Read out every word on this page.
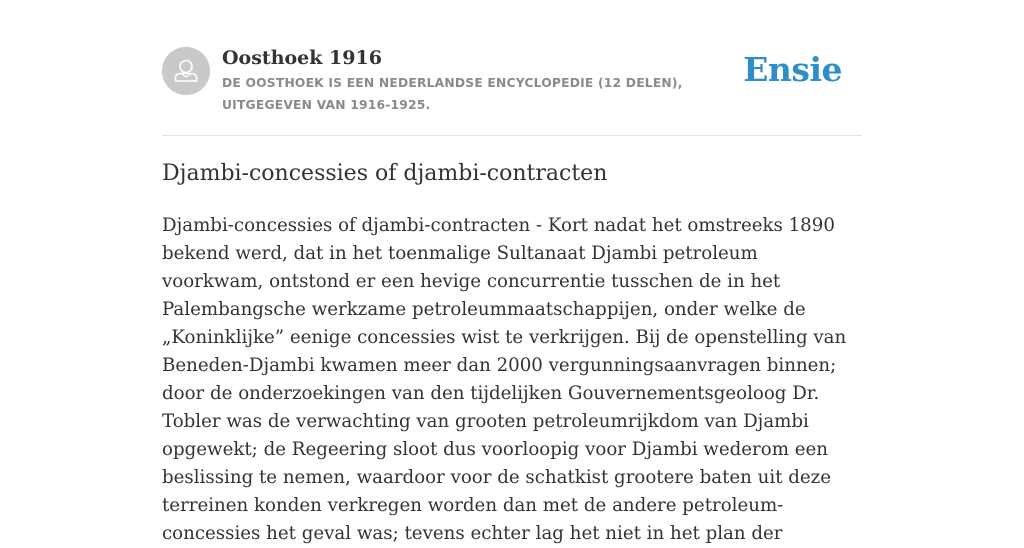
Oosthoek 1916

DE OOSTHOEK IS EEN NEDERLANDSE ENCYCLOPEDIE (12 DELEN), UITGEGEVEN VAN 1916-1925.

Ensie
Djambi-concessies of djambi-contracten

Djambi-concessies of djambi-contracten - Kort nadat het omstreeks 1890 bekend werd, dat in het toenmalige Sultanaat Djambi petroleum voorkwam, ontstond er een hevige concurrentie tusschen de in het Palembangsche werkzame petroleummaatschappijen, onder welke de „Koninklijke” eenige concessies wist te verkrijgen. Bij de openstelling van Beneden-Djambi kwamen meer dan 2000 vergunningsaanvragen binnen; door de onderzoekingen van den tijdelijken Gouvernementsgeoloog Dr. Tobler was de verwachting van grooten petroleumrijkdom van Djambi opgewekt; de Regeering sloot dus voorloopig voor Djambi wederom een beslissing te nemen, waardoor voor de schatkist grootere baten uit deze terreinen konden verkregen worden dan met de andere petroleum-concessies het geval was; tevens echter lag het niet in het plan der
